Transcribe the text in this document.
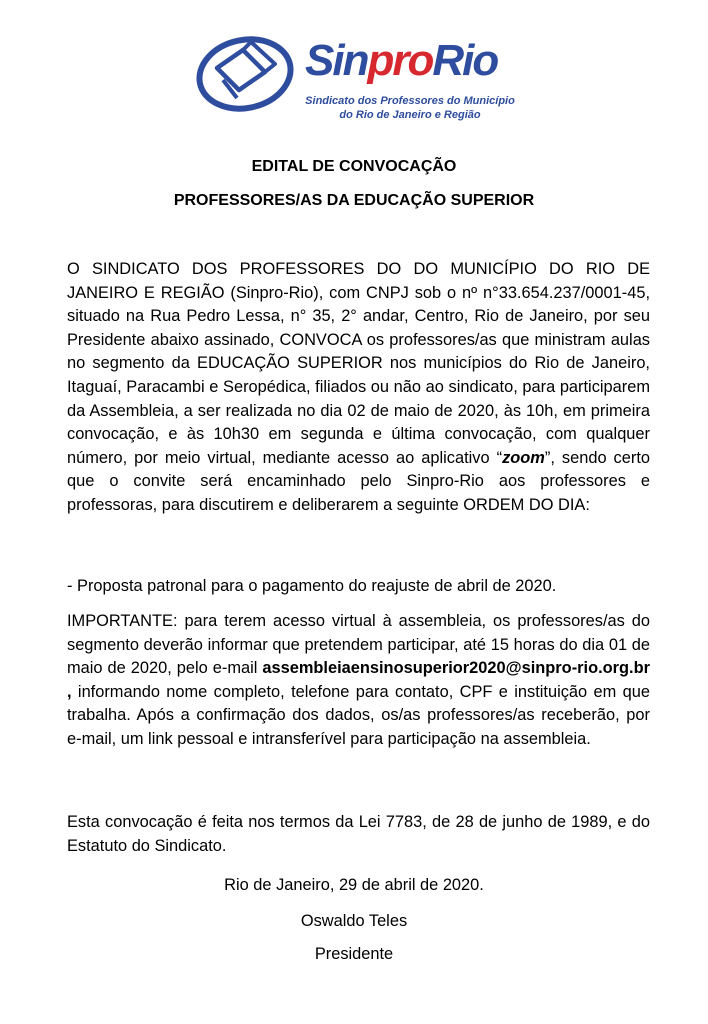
SinproRio
Sindicato dos Professores do Município
do Rio de Janeiro e Região
EDITAL DE CONVOCAÇÃO
PROFESSORES/AS DA EDUCAÇÃO SUPERIOR

O SINDICATO DOS PROFESSORES DO DO MUNICÍPIO DO RIO DE JANEIRO E REGIÃO (Sinpro-Rio), com CNPJ sob o nº n°33.654.237/0001-45, situado na Rua Pedro Lessa, n° 35, 2° andar, Centro, Rio de Janeiro, por seu Presidente abaixo assinado, CONVOCA os professores/as que ministram aulas no segmento da EDUCAÇÃO SUPERIOR nos municípios do Rio de Janeiro, Itaguaí, Paracambi e Seropédica, filiados ou não ao sindicato, para participarem da Assembleia, a ser realizada no dia 02 de maio de 2020, às 10h, em primeira convocação, e às 10h30 em segunda e última convocação, com qualquer número, por meio virtual, mediante acesso ao aplicativo “zoom”, sendo certo que o convite será encaminhado pelo Sinpro-Rio aos professores e professoras, para discutirem e deliberarem a seguinte ORDEM DO DIA:

- Proposta patronal para o pagamento do reajuste de abril de 2020.

IMPORTANTE: para terem acesso virtual à assembleia, os professores/as do segmento deverão informar que pretendem participar, até 15 horas do dia 01 de maio de 2020, pelo e-mail assembleiaensinosuperior2020@sinpro-rio.org.br , informando nome completo, telefone para contato, CPF e instituição em que trabalha. Após a confirmação dos dados, os/as professores/as receberão, por e-mail, um link pessoal e intransferível para participação na assembleia.

Esta convocação é feita nos termos da Lei 7783, de 28 de junho de 1989, e do Estatuto do Sindicato.

Rio de Janeiro, 29 de abril de 2020.
Oswaldo Teles
Presidente
